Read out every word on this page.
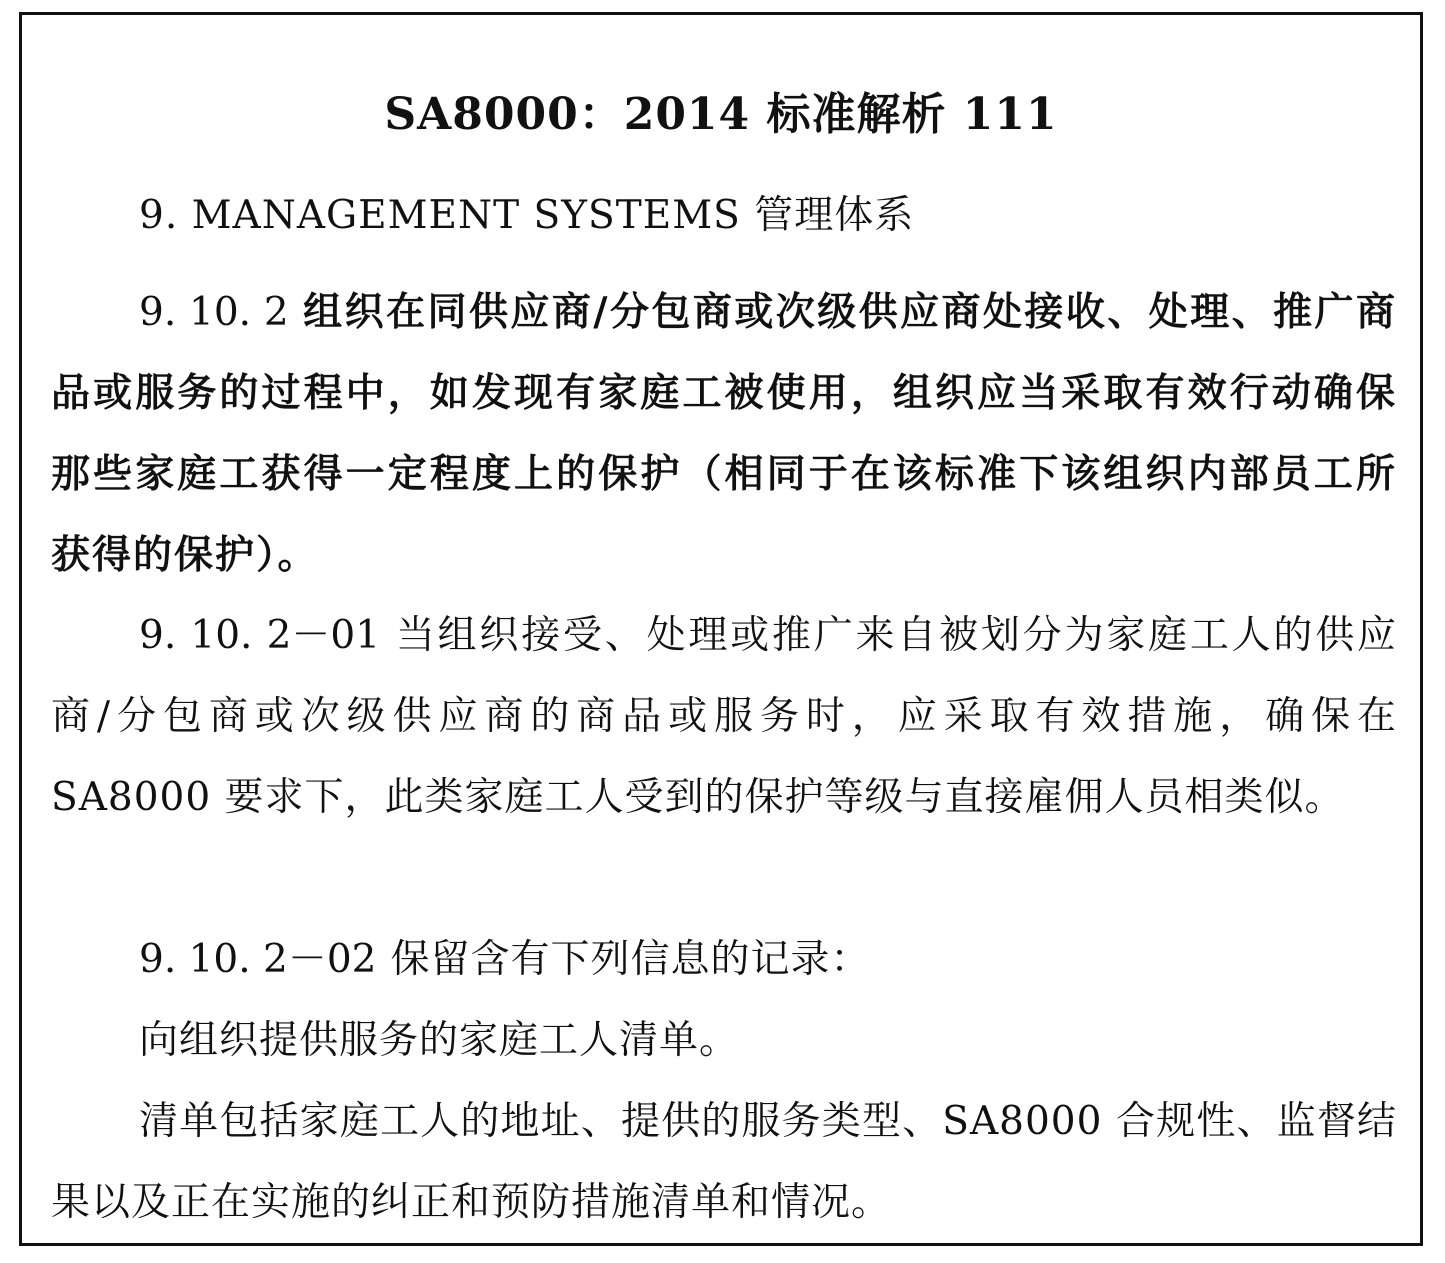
SA8000：2014 标准解析 111

9. MANAGEMENT SYSTEMS 管理体系

9. 10. 2 组织在同供应商/分包商或次级供应商处接收、处理、推广商品或服务的过程中，如发现有家庭工被使用，组织应当采取有效行动确保那些家庭工获得一定程度上的保护（相同于在该标准下该组织内部员工所获得的保护）。

9. 10. 2－01 当组织接受、处理或推广来自被划分为家庭工人的供应商/分包商或次级供应商的商品或服务时，应采取有效措施，确保在 SA8000 要求下，此类家庭工人受到的保护等级与直接雇佣人员相类似。

9. 10. 2－02 保留含有下列信息的记录：

向组织提供服务的家庭工人清单。

清单包括家庭工人的地址、提供的服务类型、SA8000 合规性、监督结果以及正在实施的纠正和预防措施清单和情况。
